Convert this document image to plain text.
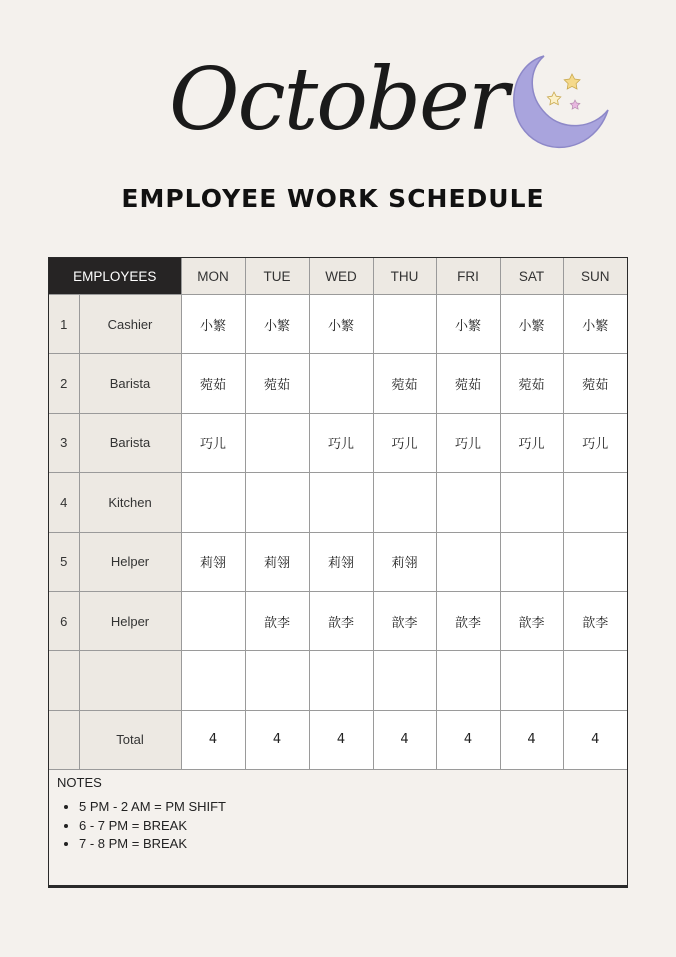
October
EMPLOYEE WORK SCHEDULE
EMPLOYEES		MON	TUE	WED	THU	FRI	SAT	SUN
1	Cashier	小繁	小繁	小繁		小繁	小繁	小繁
2	Barista	菀茹	菀茹		菀茹	菀茹	菀茹	菀茹
3	Barista	巧儿		巧儿	巧儿	巧儿	巧儿	巧儿
4	Kitchen							
5	Helper	莉翎	莉翎	莉翎	莉翎			
6	Helper		歆李	歆李	歆李	歆李	歆李	歆李

	Total	4	4	4	4	4	4	4
NOTES
• 5 PM - 2 AM = PM SHIFT
• 6 - 7 PM = BREAK
• 7 - 8 PM = BREAK
